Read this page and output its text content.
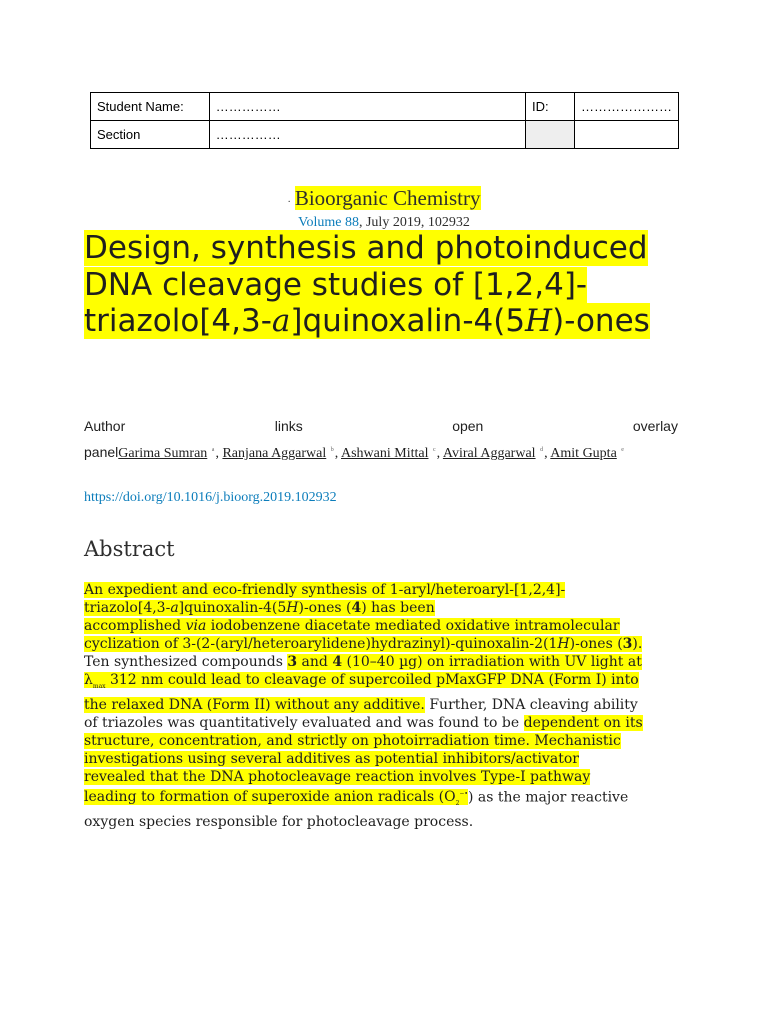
Student Name:	……………	ID:	…………………
Section	……………		
· Bioorganic Chemistry
Volume 88, July 2019, 102932
Design, synthesis and photoinduced DNA cleavage studies of [1,2,4]-triazolo[4,3-a]quinoxalin-4(5H)-ones
Author	links	open	overlay
panelGarima Sumran $^a$, Ranjana Aggarwal $^b$, Ashwani Mittal $^c$, Aviral Aggarwal $^d$, Amit Gupta $^e$
https://doi.org/10.1016/j.bioorg.2019.102932
Abstract
An expedient and eco-friendly synthesis of 1-aryl/heteroaryl-[1,2,4]-
triazolo[4,3-a]quinoxalin-4(5H)-ones (4) has been
accomplished via iodobenzene diacetate mediated oxidative intramolecular
cyclization of 3-(2-(aryl/heteroarylidene)hydrazinyl)-quinoxalin-2(1H)-ones (3).
Ten synthesized compounds 3 and 4 (10–40 µg) on irradiation with UV light at
$\lambda_{max}$ 312 nm could lead to cleavage of supercoiled pMaxGFP DNA (Form I) into
the relaxed DNA (Form II) without any additive. Further, DNA cleaving ability
of triazoles was quantitatively evaluated and was found to be dependent on its
structure, concentration, and strictly on photoirradiation time. Mechanistic
investigations using several additives as potential inhibitors/activator
revealed that the DNA photocleavage reaction involves Type-I pathway
leading to formation of superoxide anion radicals $(O_2^{-•})$ as the major reactive
oxygen species responsible for photocleavage process.
